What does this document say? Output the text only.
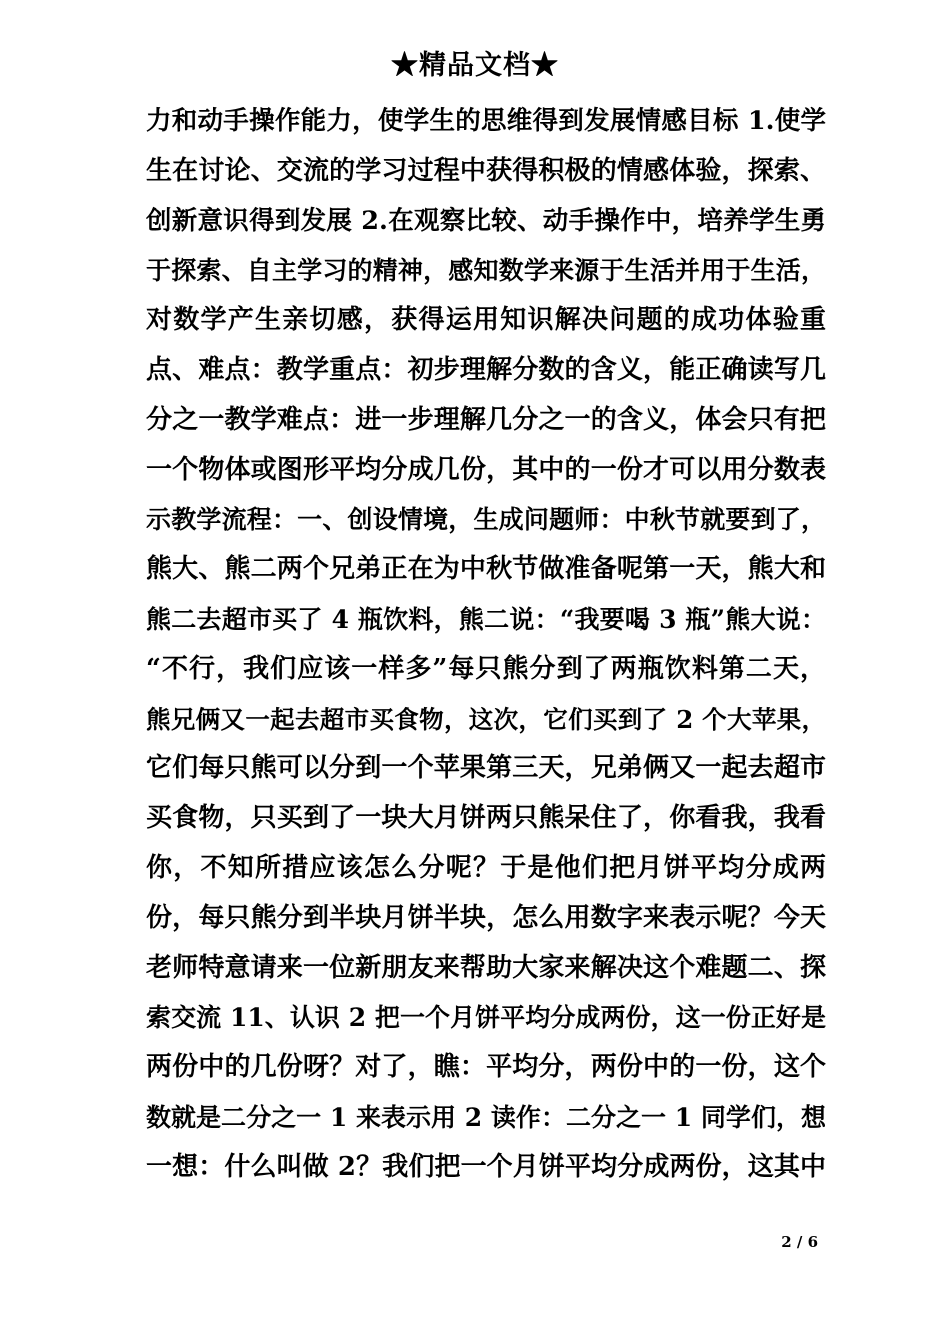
★精品文档★
力和动手操作能力，使学生的思维得到发展情感目标 1.使学
生在讨论、交流的学习过程中获得积极的情感体验，探索、
创新意识得到发展 2.在观察比较、动手操作中，培养学生勇
于探索、自主学习的精神，感知数学来源于生活并用于生活，
对数学产生亲切感，获得运用知识解决问题的成功体验重
点、难点：教学重点：初步理解分数的含义，能正确读写几
分之一教学难点：进一步理解几分之一的含义，体会只有把
一个物体或图形平均分成几份，其中的一份才可以用分数表
示教学流程：一、创设情境，生成问题师：中秋节就要到了，
熊大、熊二两个兄弟正在为中秋节做准备呢第一天，熊大和
熊二去超市买了 4 瓶饮料，熊二说：“我要喝 3 瓶”熊大说：
“不行，我们应该一样多”每只熊分到了两瓶饮料第二天，
熊兄俩又一起去超市买食物，这次，它们买到了 2 个大苹果，
它们每只熊可以分到一个苹果第三天，兄弟俩又一起去超市
买食物，只买到了一块大月饼两只熊呆住了，你看我，我看
你，不知所措应该怎么分呢？于是他们把月饼平均分成两
份，每只熊分到半块月饼半块，怎么用数字来表示呢？今天
老师特意请来一位新朋友来帮助大家来解决这个难题二、探
索交流 11、认识 2 把一个月饼平均分成两份，这一份正好是
两份中的几份呀？对了，瞧：平均分，两份中的一份，这个
数就是二分之一 1 来表示用 2 读作：二分之一 1 同学们，想
一想：什么叫做 2？我们把一个月饼平均分成两份，这其中
2 / 6
